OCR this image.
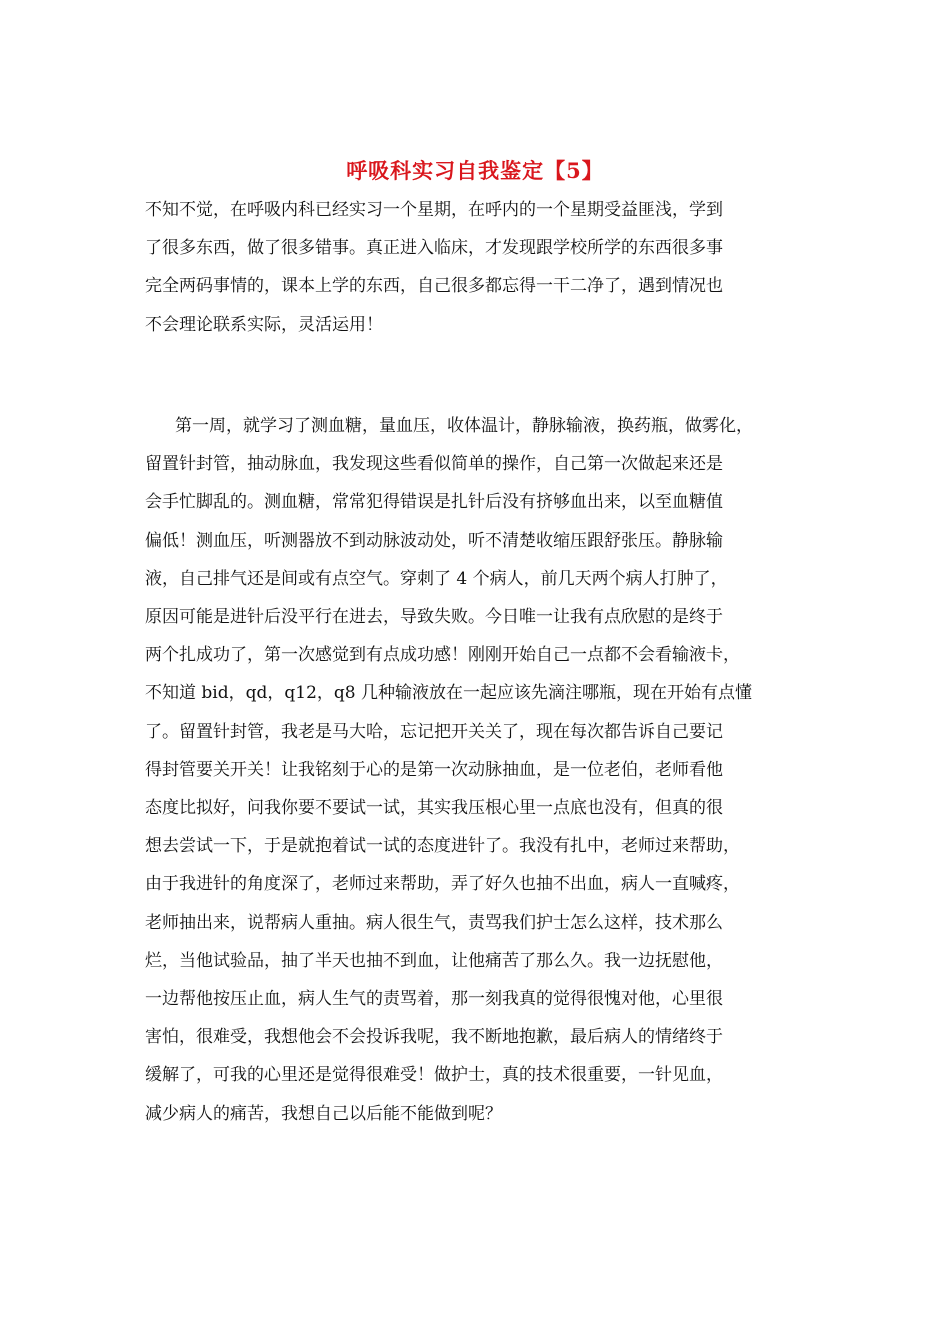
呼吸科实习自我鉴定【5】

不知不觉，在呼吸内科已经实习一个星期，在呼内的一个星期受益匪浅，学到
了很多东西，做了很多错事。真正进入临床，才发现跟学校所学的东西很多事
完全两码事情的，课本上学的东西，自己很多都忘得一干二净了，遇到情况也
不会理论联系实际，灵活运用！

第一周，就学习了测血糖，量血压，收体温计，静脉输液，换药瓶，做雾化，
留置针封管，抽动脉血，我发现这些看似简单的操作，自己第一次做起来还是
会手忙脚乱的。测血糖，常常犯得错误是扎针后没有挤够血出来，以至血糖值
偏低！测血压，听测器放不到动脉波动处，听不清楚收缩压跟舒张压。静脉输
液，自己排气还是间或有点空气。穿刺了 4 个病人，前几天两个病人打肿了，
原因可能是进针后没平行在进去，导致失败。今日唯一让我有点欣慰的是终于
两个扎成功了，第一次感觉到有点成功感！刚刚开始自己一点都不会看输液卡，
不知道 bid，qd，q12，q8 几种输液放在一起应该先滴注哪瓶，现在开始有点懂
了。留置针封管，我老是马大哈，忘记把开关关了，现在每次都告诉自己要记
得封管要关开关！让我铭刻于心的是第一次动脉抽血，是一位老伯，老师看他
态度比拟好，问我你要不要试一试，其实我压根心里一点底也没有，但真的很
想去尝试一下，于是就抱着试一试的态度进针了。我没有扎中，老师过来帮助，
由于我进针的角度深了，老师过来帮助，弄了好久也抽不出血，病人一直喊疼，
老师抽出来，说帮病人重抽。病人很生气，责骂我们护士怎么这样，技术那么
烂，当他试验品，抽了半天也抽不到血，让他痛苦了那么久。我一边抚慰他，
一边帮他按压止血，病人生气的责骂着，那一刻我真的觉得很愧对他，心里很
害怕，很难受，我想他会不会投诉我呢，我不断地抱歉，最后病人的情绪终于
缓解了，可我的心里还是觉得很难受！做护士，真的技术很重要，一针见血，
减少病人的痛苦，我想自己以后能不能做到呢？
